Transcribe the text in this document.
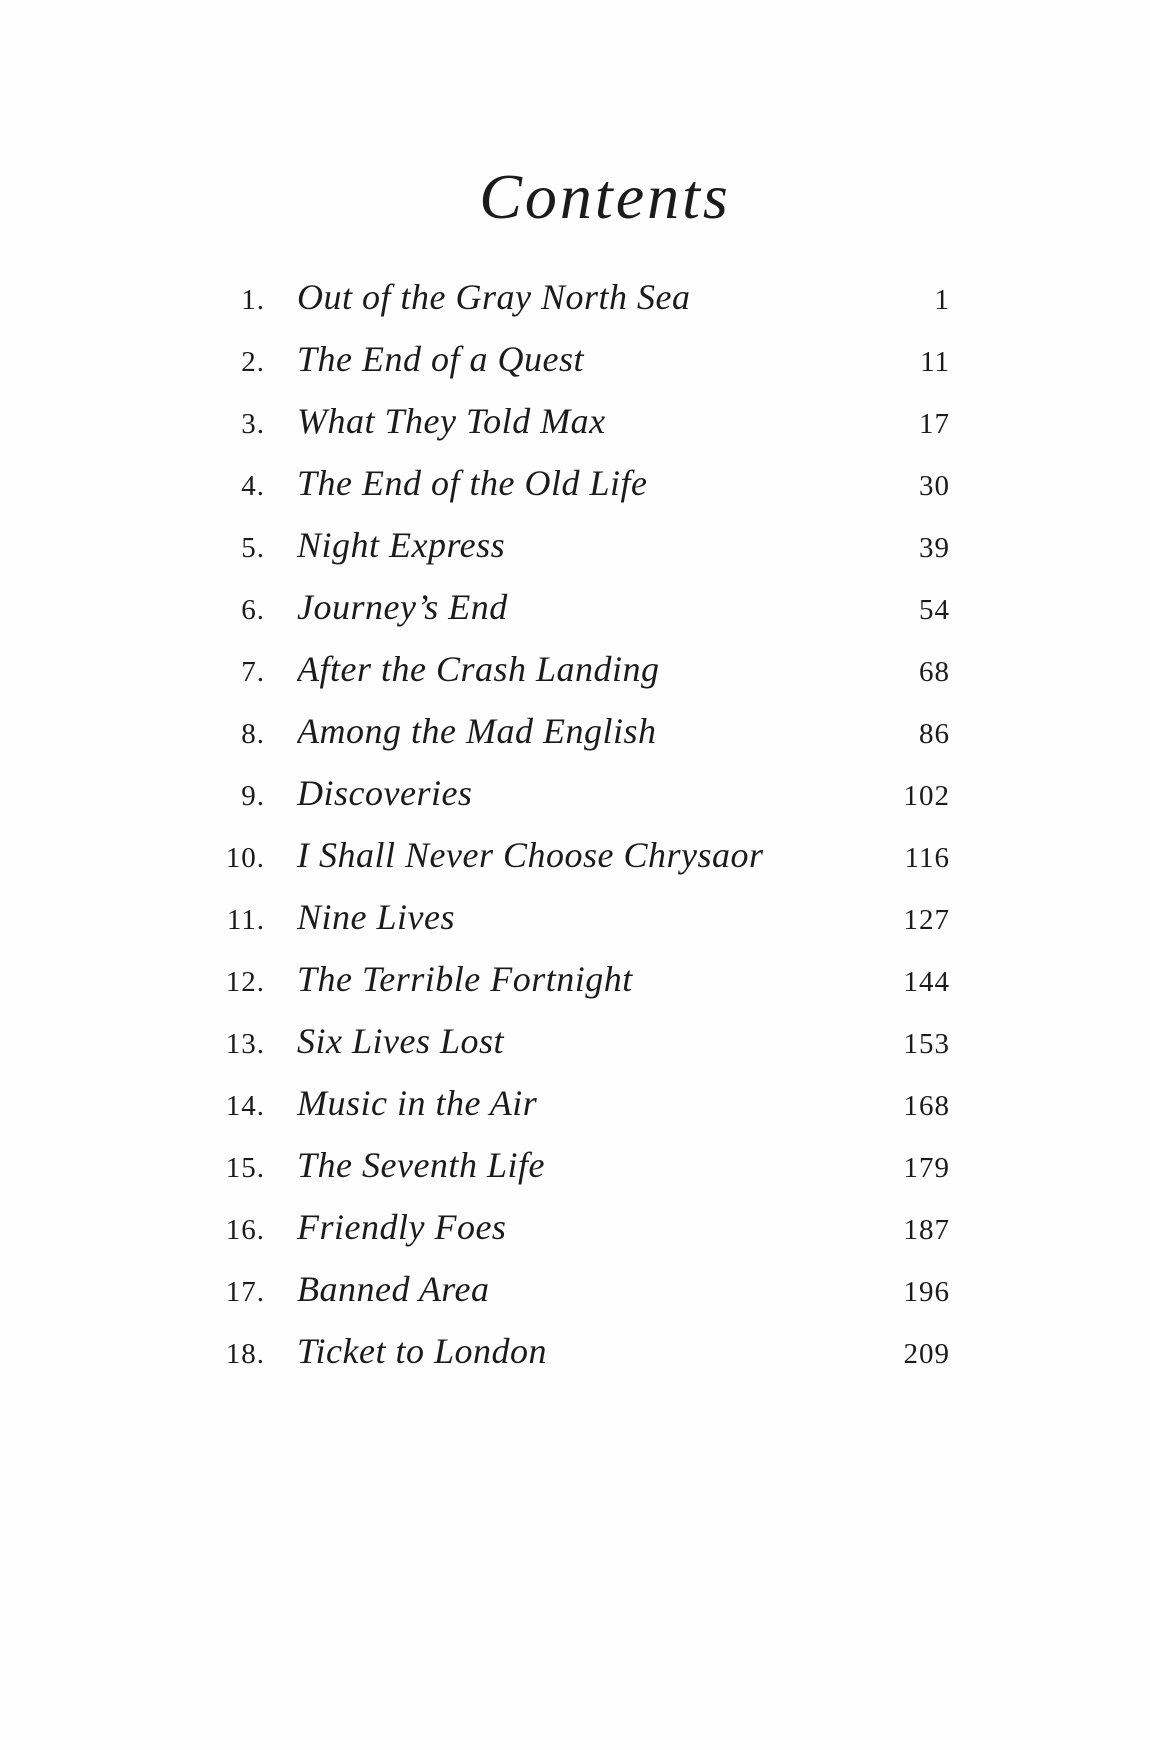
Contents
1. Out of the Gray North Sea	1
2. The End of a Quest	11
3. What They Told Max	17
4. The End of the Old Life	30
5. Night Express	39
6. Journey’s End	54
7. After the Crash Landing	68
8. Among the Mad English	86
9. Discoveries	102
10. I Shall Never Choose Chrysaor	116
11. Nine Lives	127
12. The Terrible Fortnight	144
13. Six Lives Lost	153
14. Music in the Air	168
15. The Seventh Life	179
16. Friendly Foes	187
17. Banned Area	196
18. Ticket to London	209
